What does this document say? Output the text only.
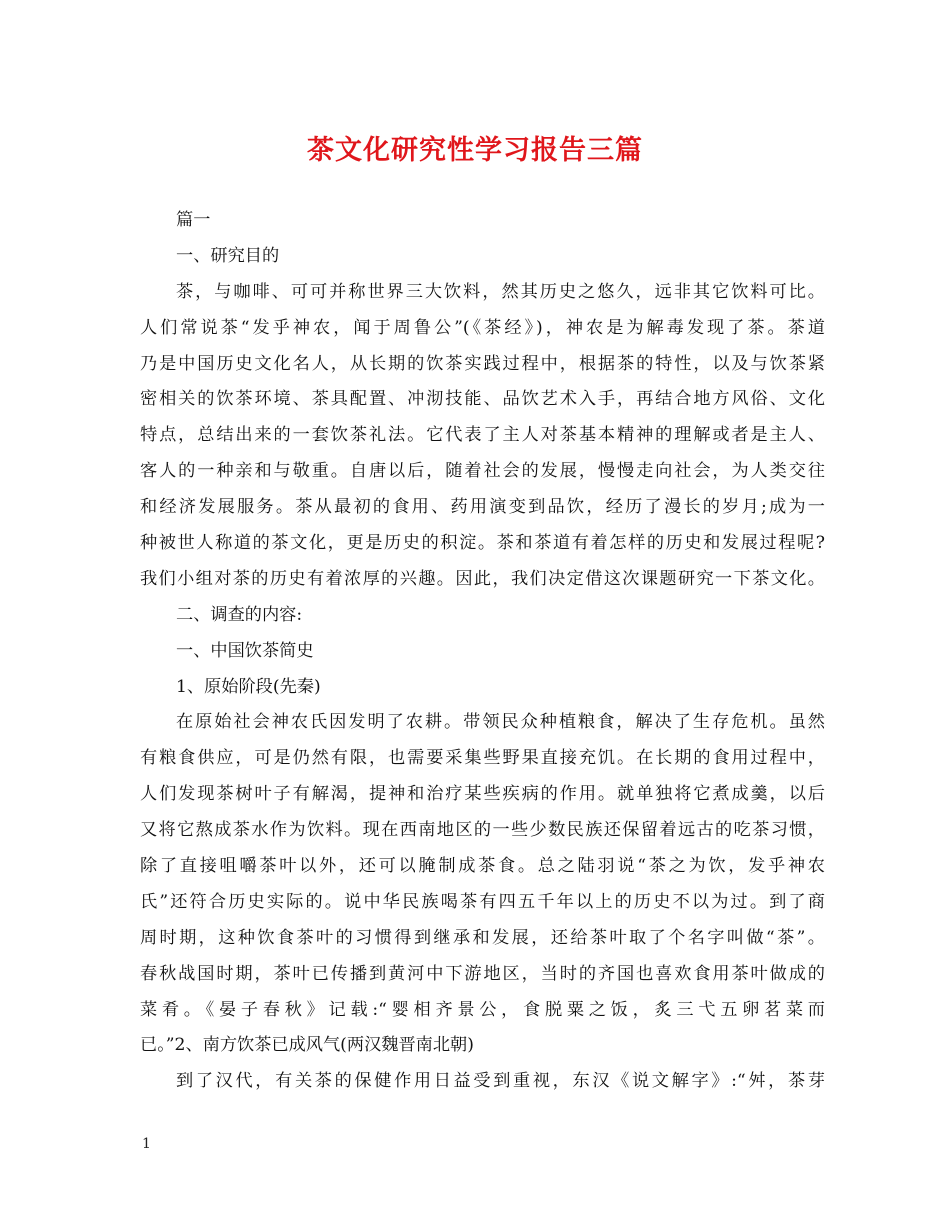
茶文化研究性学习报告三篇
篇一
一、研究目的
茶，与咖啡、可可并称世界三大饮料，然其历史之悠久，远非其它饮料可比。
人们常说茶“发乎神农，闻于周鲁公”(《茶经》)，神农是为解毒发现了茶。茶道
乃是中国历史文化名人，从长期的饮茶实践过程中，根据茶的特性，以及与饮茶紧
密相关的饮茶环境、茶具配置、冲沏技能、品饮艺术入手，再结合地方风俗、文化
特点，总结出来的一套饮茶礼法。它代表了主人对茶基本精神的理解或者是主人、
客人的一种亲和与敬重。自唐以后，随着社会的发展，慢慢走向社会，为人类交往
和经济发展服务。茶从最初的食用、药用演变到品饮，经历了漫长的岁月;成为一
种被世人称道的茶文化，更是历史的积淀。茶和茶道有着怎样的历史和发展过程呢?
我们小组对茶的历史有着浓厚的兴趣。因此，我们决定借这次课题研究一下茶文化。
二、调查的内容:
一、中国饮茶简史
1、原始阶段(先秦)
在原始社会神农氏因发明了农耕。带领民众种植粮食，解决了生存危机。虽然
有粮食供应，可是仍然有限，也需要采集些野果直接充饥。在长期的食用过程中，
人们发现茶树叶子有解渴，提神和治疗某些疾病的作用。就单独将它煮成羹，以后
又将它熬成茶水作为饮料。现在西南地区的一些少数民族还保留着远古的吃茶习惯，
除了直接咀嚼茶叶以外，还可以腌制成茶食。总之陆羽说“茶之为饮，发乎神农
氏”还符合历史实际的。说中华民族喝茶有四五千年以上的历史不以为过。到了商
周时期，这种饮食茶叶的习惯得到继承和发展，还给茶叶取了个名字叫做“茶”。
春秋战国时期，茶叶已传播到黄河中下游地区，当时的齐国也喜欢食用茶叶做成的
菜肴。《晏子春秋》记载:“婴相齐景公，食脱粟之饭，炙三弋五卵茗菜而
已。”2、南方饮茶已成风气(两汉魏晋南北朝)
到了汉代，有关茶的保健作用日益受到重视，东汉《说文解字》:“舛，茶芽
1
